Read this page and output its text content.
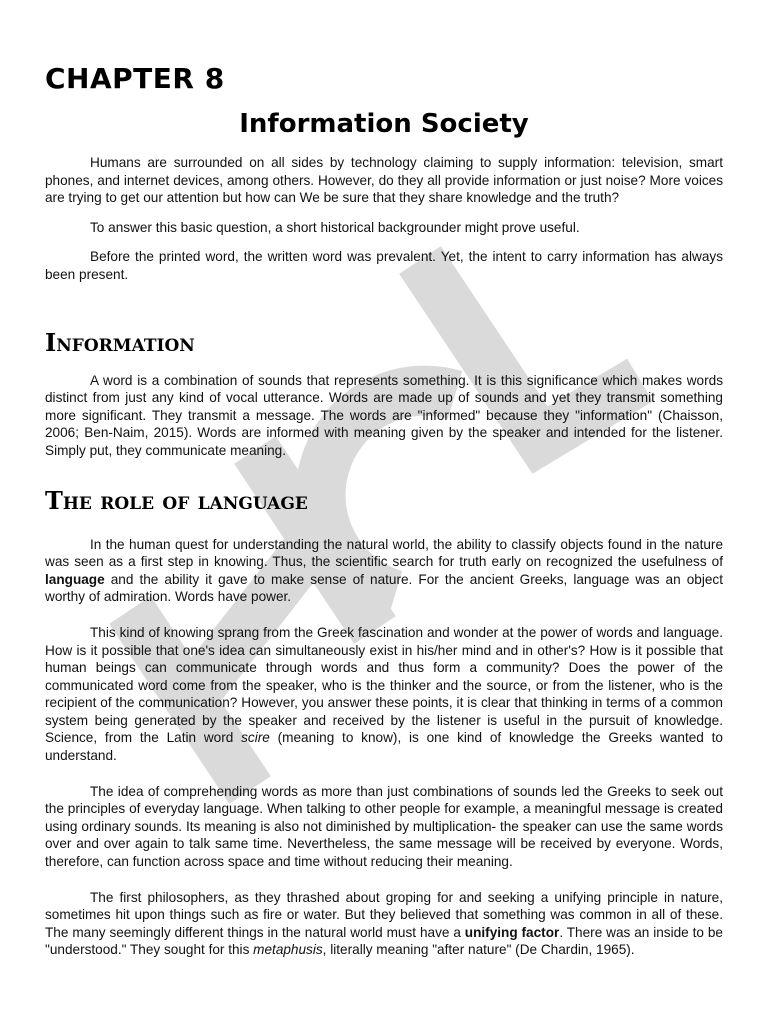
CHAPTER 8
Information Society

Humans are surrounded on all sides by technology claiming to supply information: television, smart phones, and internet devices, among others. However, do they all provide information or just noise? More voices are trying to get our attention but how can We be sure that they share knowledge and the truth?

To answer this basic question, a short historical backgrounder might prove useful.

Before the printed word, the written word was prevalent. Yet, the intent to carry information has always been present.

Information

A word is a combination of sounds that represents something. It is this significance which makes words distinct from just any kind of vocal utterance. Words are made up of sounds and yet they transmit something more significant. They transmit a message. The words are "informed" because they "information" (Chaisson, 2006; Ben-Naim, 2015). Words are informed with meaning given by the speaker and intended for the listener. Simply put, they communicate meaning.

The role of language

In the human quest for understanding the natural world, the ability to classify objects found in the nature was seen as a first step in knowing. Thus, the scientific search for truth early on recognized the usefulness of language and the ability it gave to make sense of nature. For the ancient Greeks, language was an object worthy of admiration. Words have power.

This kind of knowing sprang from the Greek fascination and wonder at the power of words and language. How is it possible that one's idea can simultaneously exist in his/her mind and in other's? How is it possible that human beings can communicate through words and thus form a community? Does the power of the communicated word come from the speaker, who is the thinker and the source, or from the listener, who is the recipient of the communication? However, you answer these points, it is clear that thinking in terms of a common system being generated by the speaker and received by the listener is useful in the pursuit of knowledge. Science, from the Latin word scire (meaning to know), is one kind of knowledge the Greeks wanted to understand.

The idea of comprehending words as more than just combinations of sounds led the Greeks to seek out the principles of everyday language. When talking to other people for example, a meaningful message is created using ordinary sounds. Its meaning is also not diminished by multiplication- the speaker can use the same words over and over again to talk same time. Nevertheless, the same message will be received by everyone. Words, therefore, can function across space and time without reducing their meaning.

The first philosophers, as they thrashed about groping for and seeking a unifying principle in nature, sometimes hit upon things such as fire or water. But they believed that something was common in all of these. The many seemingly different things in the natural world must have a unifying factor. There was an inside to be "understood." They sought for this metaphusis, literally meaning "after nature" (De Chardin, 1965).
